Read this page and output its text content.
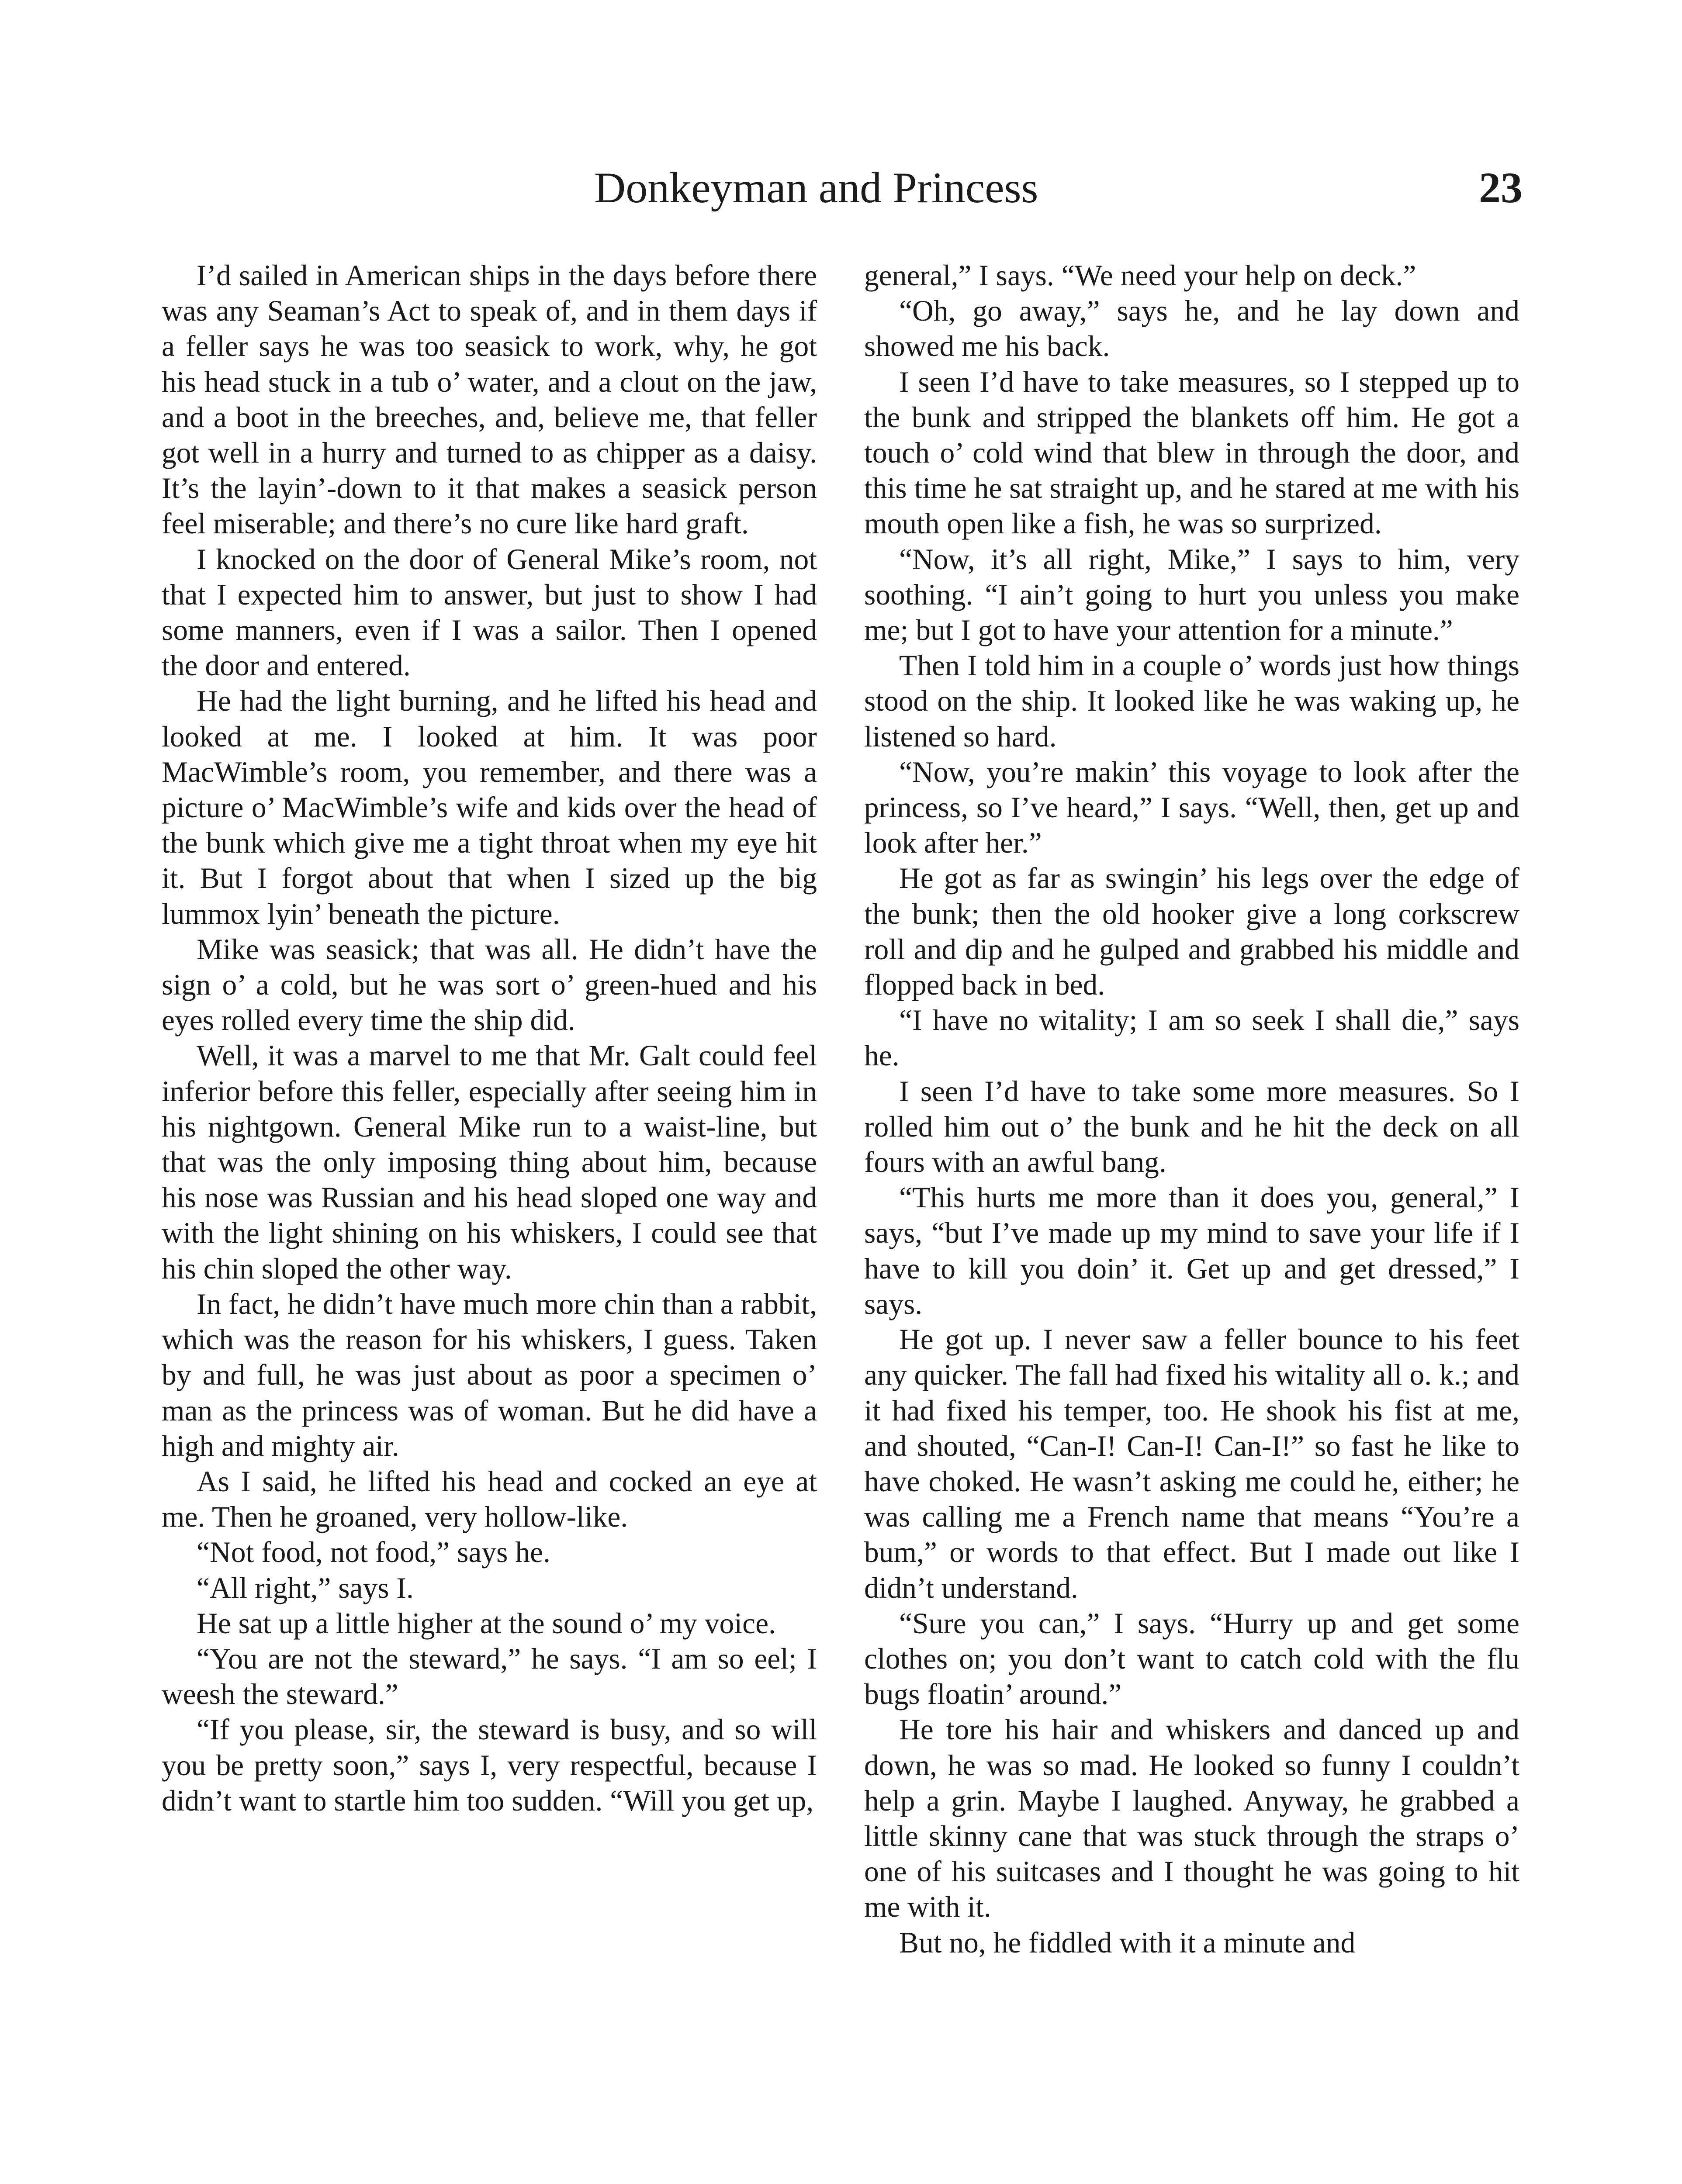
Donkeyman and Princess	23

I’d sailed in American ships in the days before there was any Seaman’s Act to speak of, and in them days if a feller says he was too seasick to work, why, he got his head stuck in a tub o’ water, and a clout on the jaw, and a boot in the breeches, and, believe me, that feller got well in a hurry and turned to as chipper as a daisy. It’s the layin’-down to it that makes a seasick person feel miserable; and there’s no cure like hard graft.

I knocked on the door of General Mike’s room, not that I expected him to answer, but just to show I had some manners, even if I was a sailor. Then I opened the door and entered.

He had the light burning, and he lifted his head and looked at me. I looked at him. It was poor MacWimble’s room, you remember, and there was a picture o’ MacWimble’s wife and kids over the head of the bunk which give me a tight throat when my eye hit it. But I forgot about that when I sized up the big lummox lyin’ beneath the picture.

Mike was seasick; that was all. He didn’t have the sign o’ a cold, but he was sort o’ green-hued and his eyes rolled every time the ship did.

Well, it was a marvel to me that Mr. Galt could feel inferior before this feller, especially after seeing him in his nightgown. General Mike run to a waist-line, but that was the only imposing thing about him, because his nose was Russian and his head sloped one way and with the light shining on his whiskers, I could see that his chin sloped the other way.

In fact, he didn’t have much more chin than a rabbit, which was the reason for his whiskers, I guess. Taken by and full, he was just about as poor a specimen o’ man as the princess was of woman. But he did have a high and mighty air.

As I said, he lifted his head and cocked an eye at me. Then he groaned, very hollow-like.

“Not food, not food,” says he.

“All right,” says I.

He sat up a little higher at the sound o’ my voice.

“You are not the steward,” he says. “I am so eel; I weesh the steward.”

“If you please, sir, the steward is busy, and so will you be pretty soon,” says I, very respectful, because I didn’t want to startle him too sudden. “Will you get up,

general,” I says. “We need your help on deck.”

“Oh, go away,” says he, and he lay down and showed me his back.

I seen I’d have to take measures, so I stepped up to the bunk and stripped the blankets off him. He got a touch o’ cold wind that blew in through the door, and this time he sat straight up, and he stared at me with his mouth open like a fish, he was so surprized.

“Now, it’s all right, Mike,” I says to him, very soothing. “I ain’t going to hurt you unless you make me; but I got to have your attention for a minute.”

Then I told him in a couple o’ words just how things stood on the ship. It looked like he was waking up, he listened so hard.

“Now, you’re makin’ this voyage to look after the princess, so I’ve heard,” I says. “Well, then, get up and look after her.”

He got as far as swingin’ his legs over the edge of the bunk; then the old hooker give a long corkscrew roll and dip and he gulped and grabbed his middle and flopped back in bed.

“I have no witality; I am so seek I shall die,” says he.

I seen I’d have to take some more measures. So I rolled him out o’ the bunk and he hit the deck on all fours with an awful bang.

“This hurts me more than it does you, general,” I says, “but I’ve made up my mind to save your life if I have to kill you doin’ it. Get up and get dressed,” I says.

He got up. I never saw a feller bounce to his feet any quicker. The fall had fixed his witality all o. k.; and it had fixed his temper, too. He shook his fist at me, and shouted, “Can-I! Can-I! Can-I!” so fast he like to have choked. He wasn’t asking me could he, either; he was calling me a French name that means “You’re a bum,” or words to that effect. But I made out like I didn’t understand.

“Sure you can,” I says. “Hurry up and get some clothes on; you don’t want to catch cold with the flu bugs floatin’ around.”

He tore his hair and whiskers and danced up and down, he was so mad. He looked so funny I couldn’t help a grin. Maybe I laughed. Anyway, he grabbed a little skinny cane that was stuck through the straps o’ one of his suitcases and I thought he was going to hit me with it.

But no, he fiddled with it a minute and
